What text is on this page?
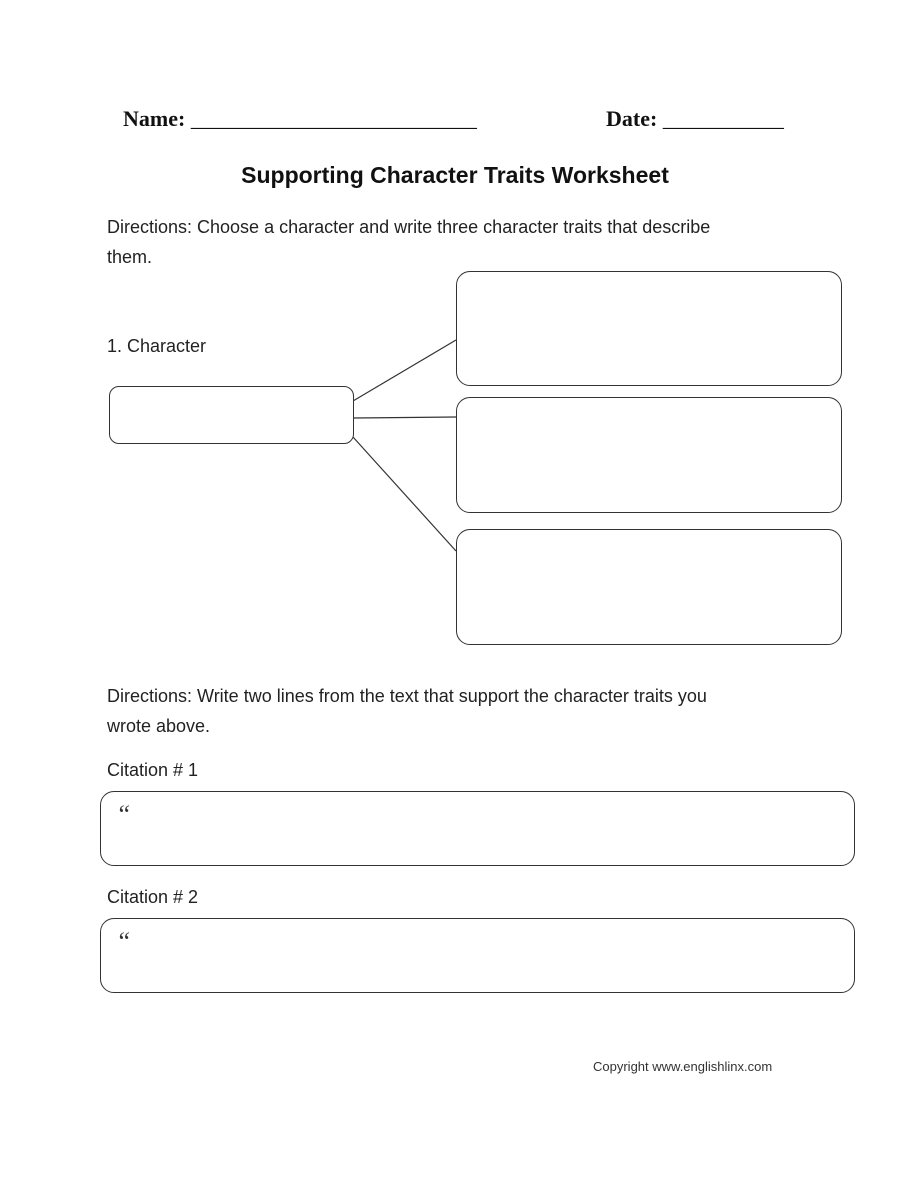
Name: __________________________	Date: ___________
Supporting Character Traits Worksheet
Directions: Choose a character and write three character traits that describe
them.
1. Character
Directions: Write two lines from the text that support the character traits you
wrote above.
Citation # 1
“
Citation # 2
“
Copyright www.englishlinx.com
